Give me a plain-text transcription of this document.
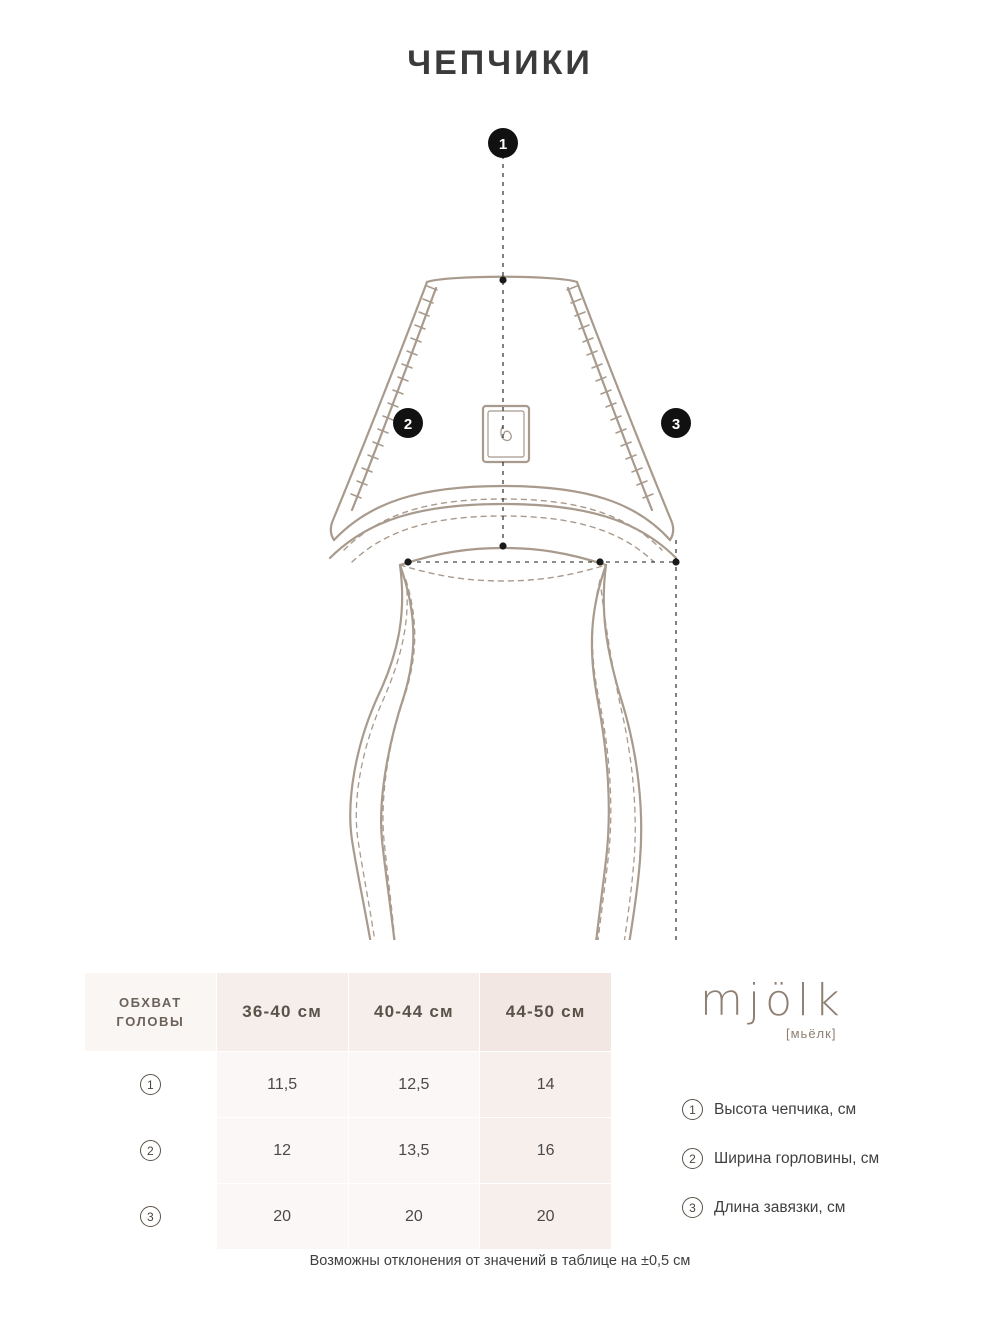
ЧЕПЧИКИ
1
2	3
ОБХВАТ
ГОЛОВЫ	36-40 см	40-44 см	44-50 см
1	11,5	12,5	14
2	12	13,5	16
3	20	20	20
mjölk
[мьёлк]
1	Высота чепчика, см
2	Ширина горловины, см
3	Длина завязки, см
Возможны отклонения от значений в таблице на ±0,5 см
